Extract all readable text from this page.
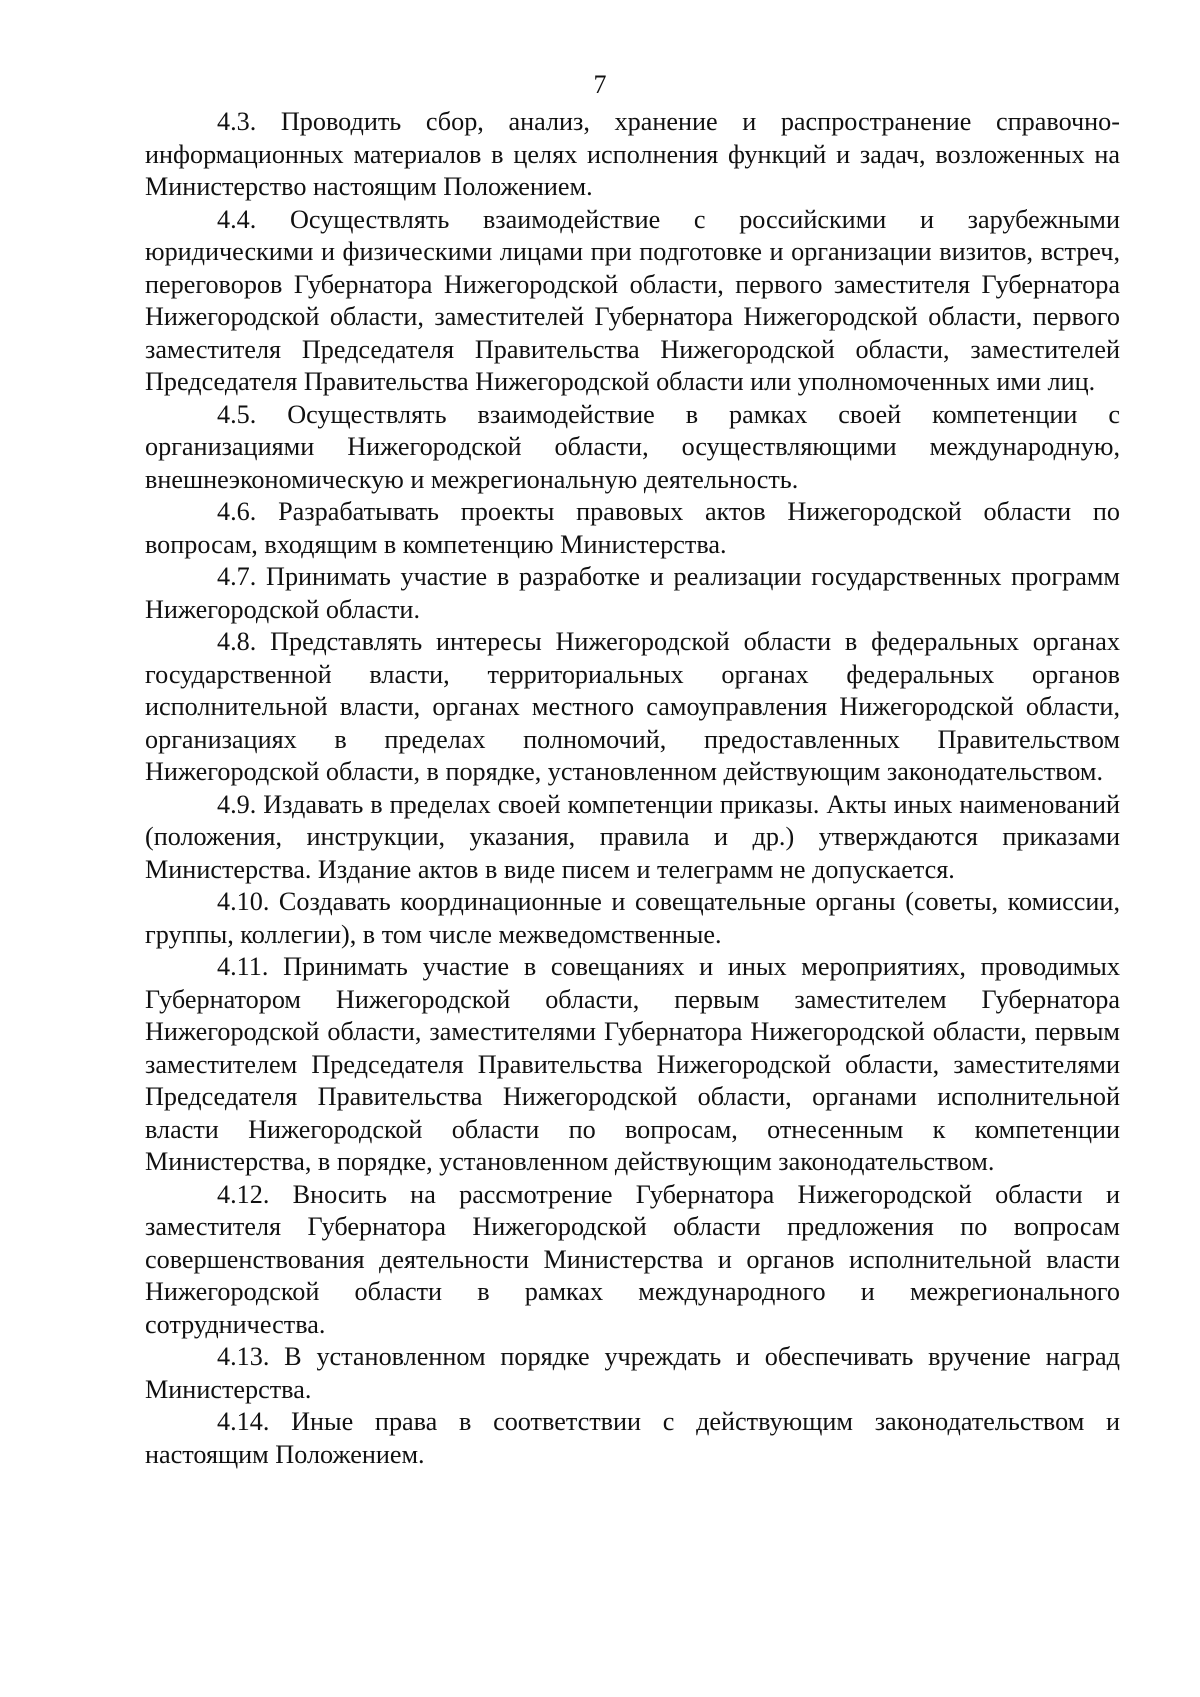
7

4.3. Проводить сбор, анализ, хранение и распространение справочно-информационных материалов в целях исполнения функций и задач, возложенных на Министерство настоящим Положением.

4.4. Осуществлять взаимодействие с российскими и зарубежными юридическими и физическими лицами при подготовке и организации визитов, встреч, переговоров Губернатора Нижегородской области, первого заместителя Губернатора Нижегородской области, заместителей Губернатора Нижегородской области, первого заместителя Председателя Правительства Нижегородской области, заместителей Председателя Правительства Нижегородской области или уполномоченных ими лиц.

4.5. Осуществлять взаимодействие в рамках своей компетенции с организациями Нижегородской области, осуществляющими международную, внешнеэкономическую и межрегиональную деятельность.

4.6. Разрабатывать проекты правовых актов Нижегородской области по вопросам, входящим в компетенцию Министерства.

4.7. Принимать участие в разработке и реализации государственных программ Нижегородской области.

4.8. Представлять интересы Нижегородской области в федеральных органах государственной власти, территориальных органах федеральных органов исполнительной власти, органах местного самоуправления Нижегородской области, организациях в пределах полномочий, предоставленных Правительством Нижегородской области, в порядке, установленном действующим законодательством.

4.9. Издавать в пределах своей компетенции приказы. Акты иных наименований (положения, инструкции, указания, правила и др.) утверждаются приказами Министерства. Издание актов в виде писем и телеграмм не допускается.

4.10. Создавать координационные и совещательные органы (советы, комиссии, группы, коллегии), в том числе межведомственные.

4.11. Принимать участие в совещаниях и иных мероприятиях, проводимых Губернатором Нижегородской области, первым заместителем Губернатора Нижегородской области, заместителями Губернатора Нижегородской области, первым заместителем Председателя Правительства Нижегородской области, заместителями Председателя Правительства Нижегородской области, органами исполнительной власти Нижегородской области по вопросам, отнесенным к компетенции Министерства, в порядке, установленном действующим законодательством.

4.12. Вносить на рассмотрение Губернатора Нижегородской области и заместителя Губернатора Нижегородской области предложения по вопросам совершенствования деятельности Министерства и органов исполнительной власти Нижегородской области в рамках международного и межрегионального сотрудничества.

4.13. В установленном порядке учреждать и обеспечивать вручение наград Министерства.

4.14. Иные права в соответствии с действующим законодательством и настоящим Положением.
